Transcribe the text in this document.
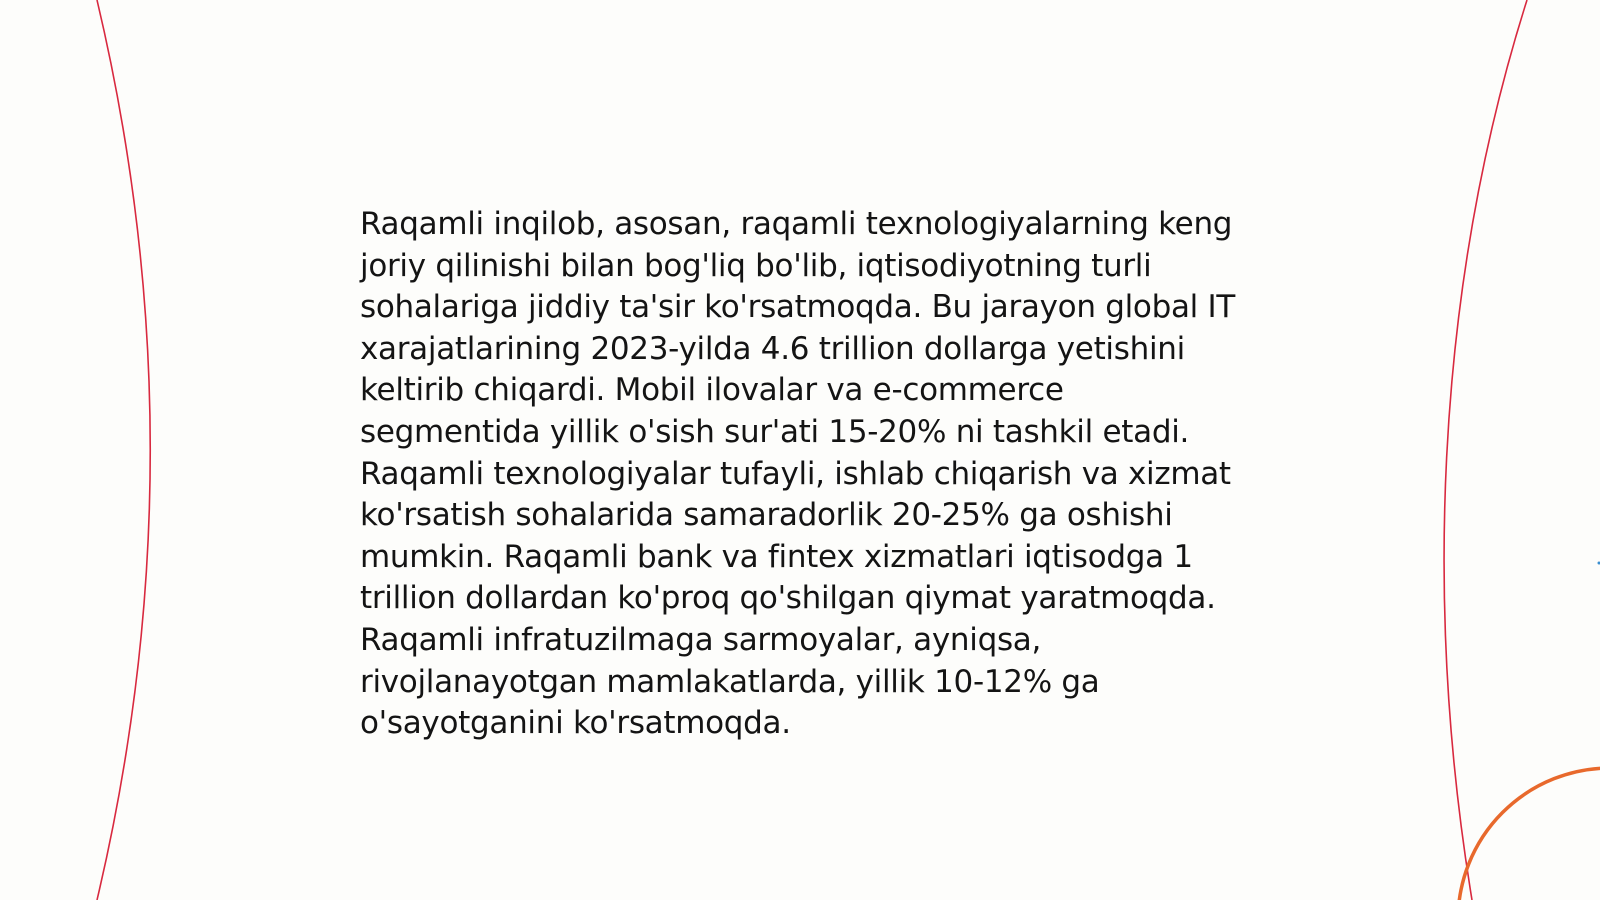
Raqamli inqilob, asosan, raqamli texnologiyalarning keng joriy qilinishi bilan bog'liq bo'lib, iqtisodiyotning turli sohalariga jiddiy ta'sir ko'rsatmoqda. Bu jarayon global IT xarajatlarining 2023-yilda 4.6 trillion dollarga yetishini keltirib chiqardi. Mobil ilovalar va e-commerce segmentida yillik o'sish sur'ati 15-20% ni tashkil etadi. Raqamli texnologiyalar tufayli, ishlab chiqarish va xizmat ko'rsatish sohalarida samaradorlik 20-25% ga oshishi mumkin. Raqamli bank va fintex xizmatlari iqtisodga 1 trillion dollardan ko'proq qo'shilgan qiymat yaratmoqda. Raqamli infratuzilmaga sarmoyalar, ayniqsa, rivojlanayotgan mamlakatlarda, yillik 10-12% ga o'sayotganini ko'rsatmoqda.
